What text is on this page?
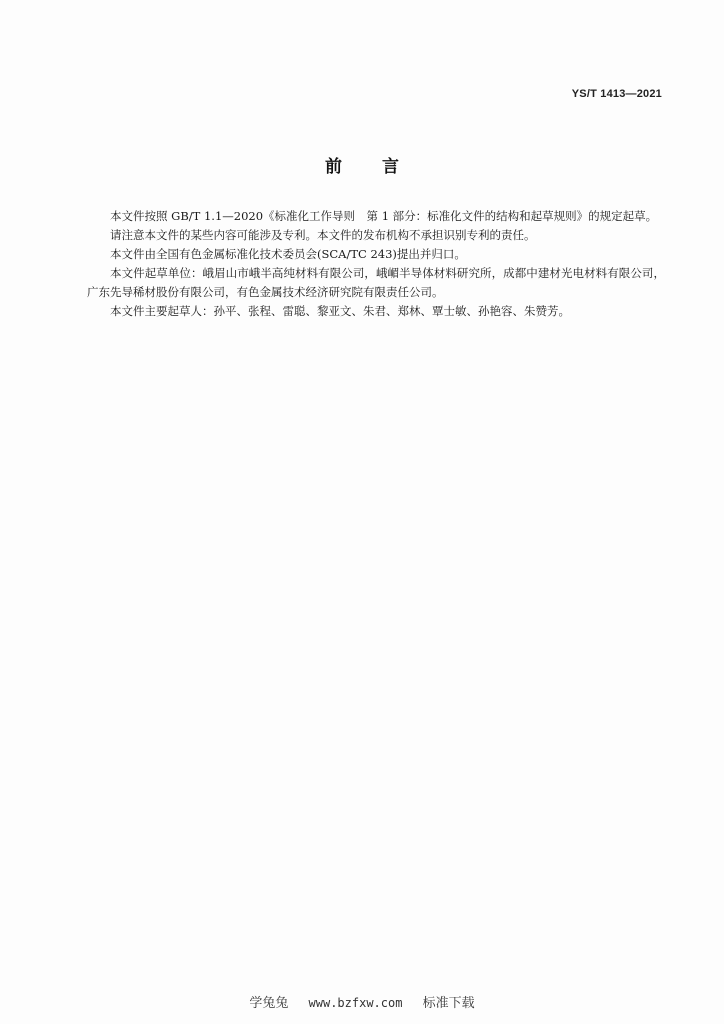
YS/T 1413—2021
前言

本文件按照 GB/T 1.1—2020《标准化工作导则　第 1 部分：标准化文件的结构和起草规则》的规定起草。

请注意本文件的某些内容可能涉及专利。本文件的发布机构不承担识别专利的责任。

本文件由全国有色金属标准化技术委员会(SCA/TC 243)提出并归口。

本文件起草单位：峨眉山市峨半高纯材料有限公司，峨嵋半导体材料研究所，成都中建材光电材料有限公司，广东先导稀材股份有限公司，有色金属技术经济研究院有限责任公司。

本文件主要起草人：孙平、张程、雷聪、黎亚文、朱君、郑林、覃士敏、孙艳容、朱赞芳。

学兔兔 www.bzfxw.com 标准下载
